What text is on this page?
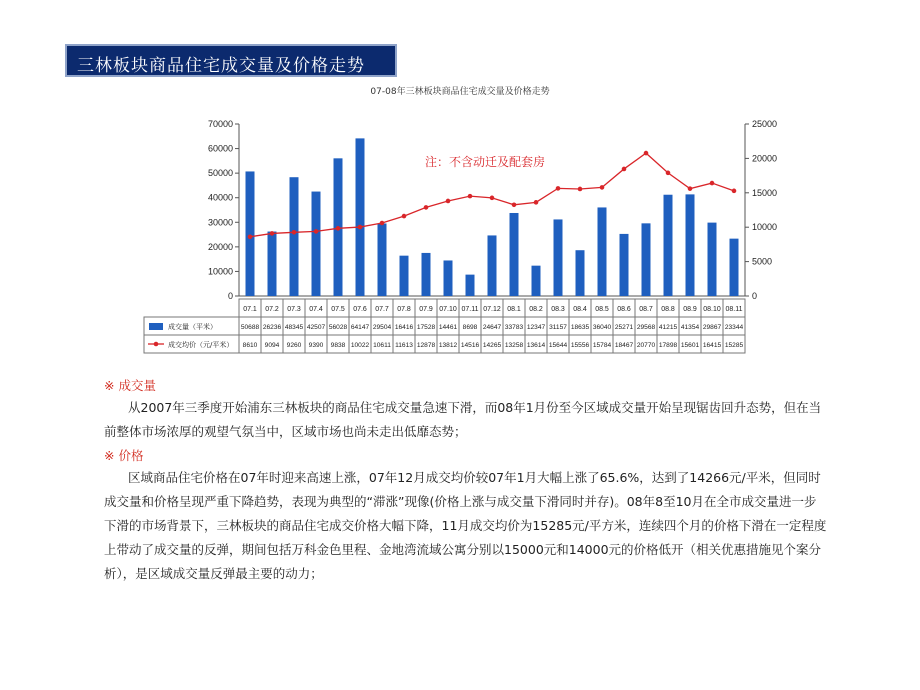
三林板块商品住宅成交量及价格走势
07-08年三林板块商品住宅成交量及价格走势
0
10000
20000
30000
40000
50000
60000
70000
0
5000
10000
15000
20000
25000
注：不含动迁及配套房
07.1 07.2 07.3 07.4 07.5 07.6 07.7 07.8 07.9 07.10 07.11 07.12 08.1 08.2 08.3 08.4 08.5 08.6 08.7 08.8 08.9 08.10 08.11
成交量（平米）	50688 26236 48345 42507 56028 64147 29504 16416 17528 14461 8698 24647 33783 12347 31157 18635 36040 25271 29568 41215 41354 29867 23344
成交均价（元/平米） 8610 9094 9260 9390 9838 10022 10611 11613 12878 13812 14516 14265 13258 13614 15644 15556 15784 18467 20770 17898 15601 16415 15285
※ 成交量

从2007年三季度开始浦东三林板块的商品住宅成交量急速下滑，而08年1月份至今区域成交量开始呈现锯齿回升态势，但在当前整体市场浓厚的观望气氛当中，区域市场也尚未走出低靡态势；

※ 价格

区域商品住宅价格在07年时迎来高速上涨，07年12月成交均价较07年1月大幅上涨了65.6%，达到了14266元/平米，但同时成交量和价格呈现严重下降趋势，表现为典型的“滞涨”现像(价格上涨与成交量下滑同时并存)。08年8至10月在全市成交量进一步下滑的市场背景下，三林板块的商品住宅成交价格大幅下降，11月成交均价为15285元/平方米，连续四个月的价格下滑在一定程度上带动了成交量的反弹，期间包括万科金色里程、金地湾流域公寓分别以15000元和14000元的价格低开（相关优惠措施见个案分析），是区域成交量反弹最主要的动力；
